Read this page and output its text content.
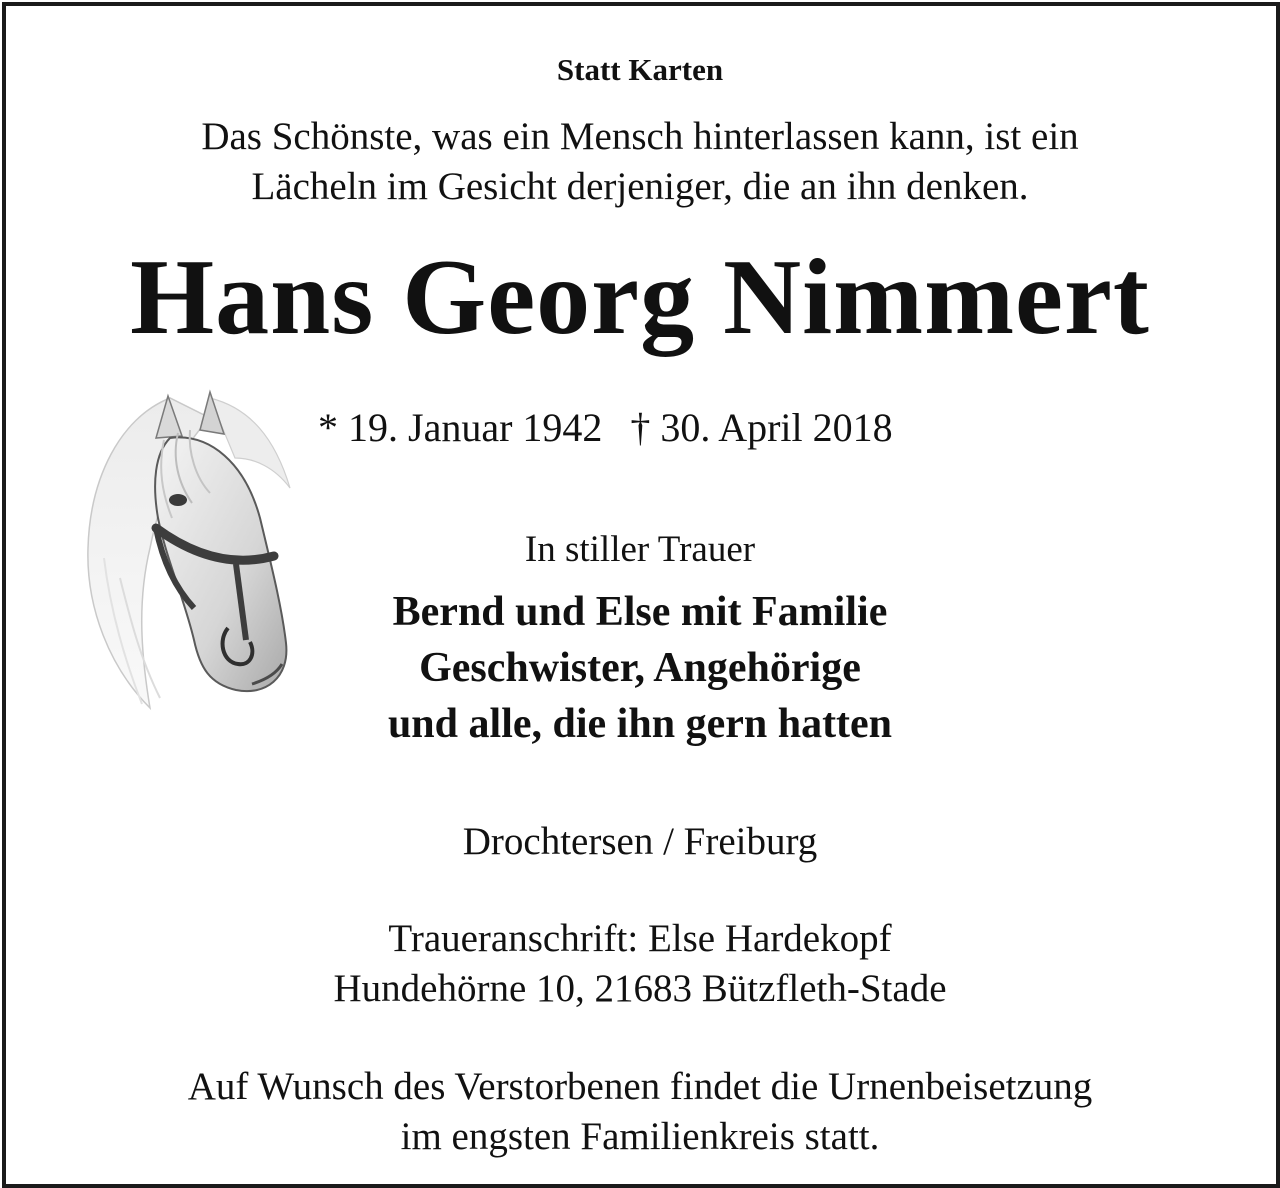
Statt Karten
Das Schönste, was ein Mensch hinterlassen kann, ist ein
Lächeln im Gesicht derjeniger, die an ihn denken.
Hans Georg Nimmert
* 19. Januar 1942 † 30. April 2018
In stiller Trauer
Bernd und Else mit Familie
Geschwister, Angehörige
und alle, die ihn gern hatten
Drochtersen / Freiburg
Traueranschrift: Else Hardekopf
Hundehörne 10, 21683 Bützfleth-Stade
Auf Wunsch des Verstorbenen findet die Urnenbeisetzung
im engsten Familienkreis statt.
